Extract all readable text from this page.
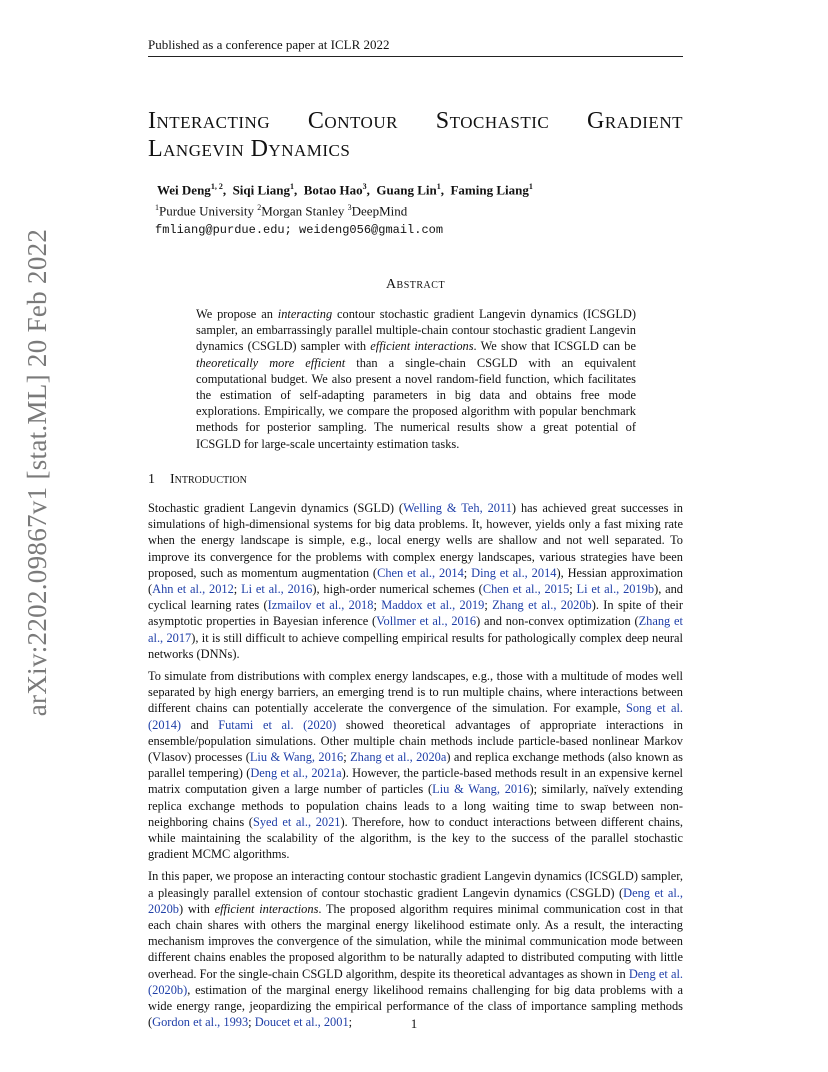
Published as a conference paper at ICLR 2022
arXiv:2202.09867v1 [stat.ML] 20 Feb 2022
Interacting Contour Stochastic Gradient
Langevin Dynamics
Wei Deng$^{1, 2}$,  Siqi Liang$^1$,  Botao Hao$^3$,  Guang Lin$^1$,  Faming Liang$^1$
$^1$Purdue University $^2$Morgan Stanley $^3$DeepMind
fmliang@purdue.edu; weideng056@gmail.com
Abstract

We propose an interacting contour stochastic gradient Langevin dynamics (ICSGLD) sampler, an embarrassingly parallel multiple-chain contour stochastic gradient Langevin dynamics (CSGLD) sampler with efficient interactions. We show that ICSGLD can be theoretically more efficient than a single-chain CSGLD with an equivalent computational budget. We also present a novel random-field function, which facilitates the estimation of self-adapting parameters in big data and obtains free mode explorations. Empirically, we compare the proposed algorithm with popular benchmark methods for posterior sampling. The numerical results show a great potential of ICSGLD for large-scale uncertainty estimation tasks.

1 Introduction

Stochastic gradient Langevin dynamics (SGLD) (Welling & Teh, 2011) has achieved great successes in simulations of high-dimensional systems for big data problems. It, however, yields only a fast mixing rate when the energy landscape is simple, e.g., local energy wells are shallow and not well separated. To improve its convergence for the problems with complex energy landscapes, various strategies have been proposed, such as momentum augmentation (Chen et al., 2014; Ding et al., 2014), Hessian approximation (Ahn et al., 2012; Li et al., 2016), high-order numerical schemes (Chen et al., 2015; Li et al., 2019b), and cyclical learning rates (Izmailov et al., 2018; Maddox et al., 2019; Zhang et al., 2020b). In spite of their asymptotic properties in Bayesian inference (Vollmer et al., 2016) and non-convex optimization (Zhang et al., 2017), it is still difficult to achieve compelling empirical results for pathologically complex deep neural networks (DNNs).

To simulate from distributions with complex energy landscapes, e.g., those with a multitude of modes well separated by high energy barriers, an emerging trend is to run multiple chains, where interactions between different chains can potentially accelerate the convergence of the simulation. For example, Song et al. (2014) and Futami et al. (2020) showed theoretical advantages of appropriate interactions in ensemble/population simulations. Other multiple chain methods include particle-based nonlinear Markov (Vlasov) processes (Liu & Wang, 2016; Zhang et al., 2020a) and replica exchange methods (also known as parallel tempering) (Deng et al., 2021a). However, the particle-based methods result in an expensive kernel matrix computation given a large number of particles (Liu & Wang, 2016); similarly, naïvely extending replica exchange methods to population chains leads to a long waiting time to swap between non-neighboring chains (Syed et al., 2021). Therefore, how to conduct interactions between different chains, while maintaining the scalability of the algorithm, is the key to the success of the parallel stochastic gradient MCMC algorithms.

In this paper, we propose an interacting contour stochastic gradient Langevin dynamics (ICSGLD) sampler, a pleasingly parallel extension of contour stochastic gradient Langevin dynamics (CSGLD) (Deng et al., 2020b) with efficient interactions. The proposed algorithm requires minimal communication cost in that each chain shares with others the marginal energy likelihood estimate only. As a result, the interacting mechanism improves the convergence of the simulation, while the minimal communication mode between different chains enables the proposed algorithm to be naturally adapted to distributed computing with little overhead. For the single-chain CSGLD algorithm, despite its theoretical advantages as shown in Deng et al. (2020b), estimation of the marginal energy likelihood remains challenging for big data problems with a wide energy range, jeopardizing the empirical performance of the class of importance sampling methods (Gordon et al., 1993; Doucet et al., 2001;	1
